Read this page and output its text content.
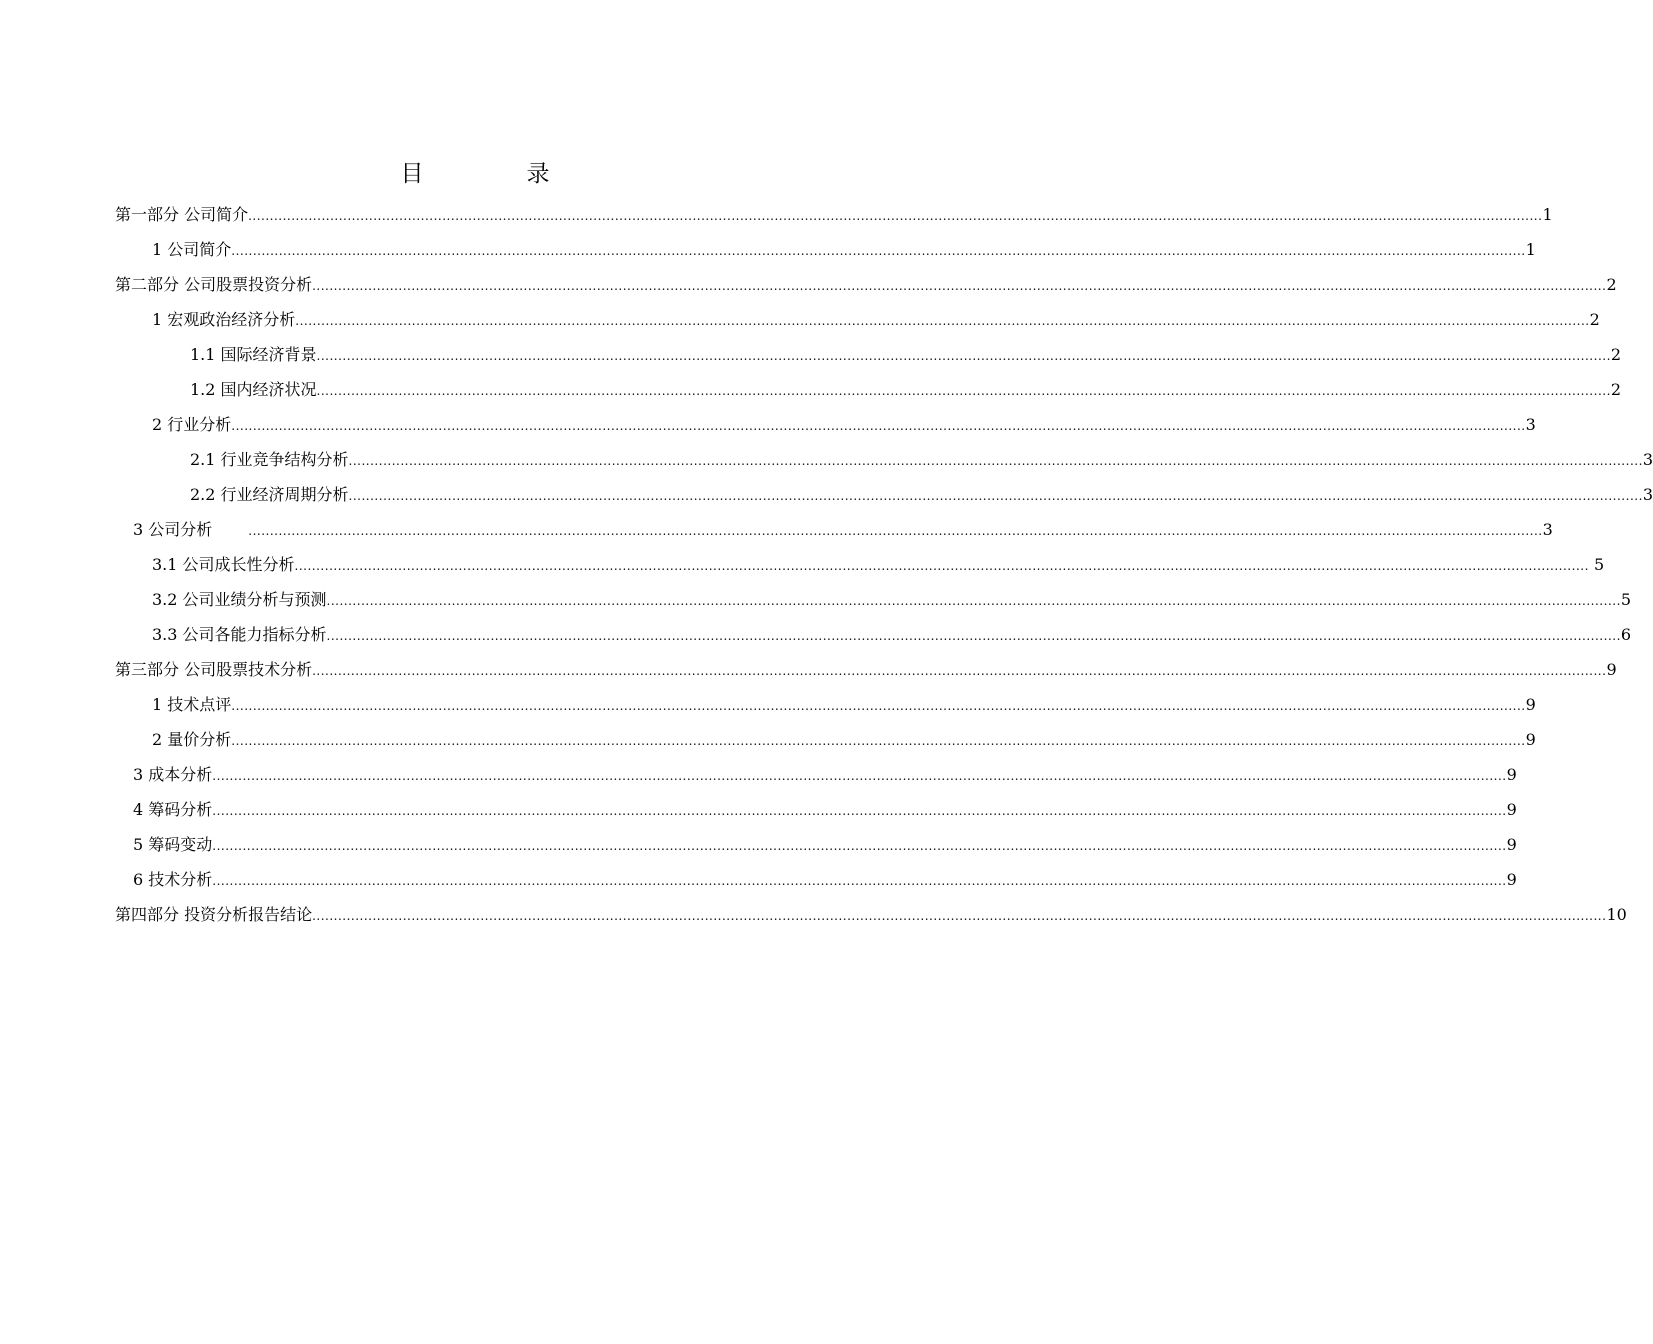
目　录
第一部分 公司简介 ............................................................................................................................................................................................................................................................................................................ 1
1 公司简介 ............................................................................................................................................................................................................................................................................................................ 1
第二部分 公司股票投资分析 ............................................................................................................................................................................................................................................................................................................ 2
1 宏观政治经济分析 ............................................................................................................................................................................................................................................................................................................ 2
1.1 国际经济背景 ............................................................................................................................................................................................................................................................................................................ 2
1.2 国内经济状况 ............................................................................................................................................................................................................................................................................................................ 2
2 行业分析 ............................................................................................................................................................................................................................................................................................................ 3
2.1 行业竞争结构分析 ............................................................................................................................................................................................................................................................................................................ 3
2.2 行业经济周期分析 ............................................................................................................................................................................................................................................................................................................ 3
3 公司分析　	............................................................................................................................................................................................................................................................................................................ 3
3.1 公司成长性分析 ............................................................................................................................................................................................................................................................................................................ 5
3.2 公司业绩分析与预测 ............................................................................................................................................................................................................................................................................................................ 5
3.3 公司各能力指标分析 ............................................................................................................................................................................................................................................................................................................ 6
第三部分 公司股票技术分析 ............................................................................................................................................................................................................................................................................................................ 9
1 技术点评 ............................................................................................................................................................................................................................................................................................................ 9
2 量价分析 ............................................................................................................................................................................................................................................................................................................ 9
3 成本分析 ............................................................................................................................................................................................................................................................................................................ 9
4 筹码分析 ............................................................................................................................................................................................................................................................................................................ 9
5 筹码变动 ............................................................................................................................................................................................................................................................................................................ 9
6 技术分析 ............................................................................................................................................................................................................................................................................................................ 9
第四部分 投资分析报告结论 ............................................................................................................................................................................................................................................................................................................ 10
